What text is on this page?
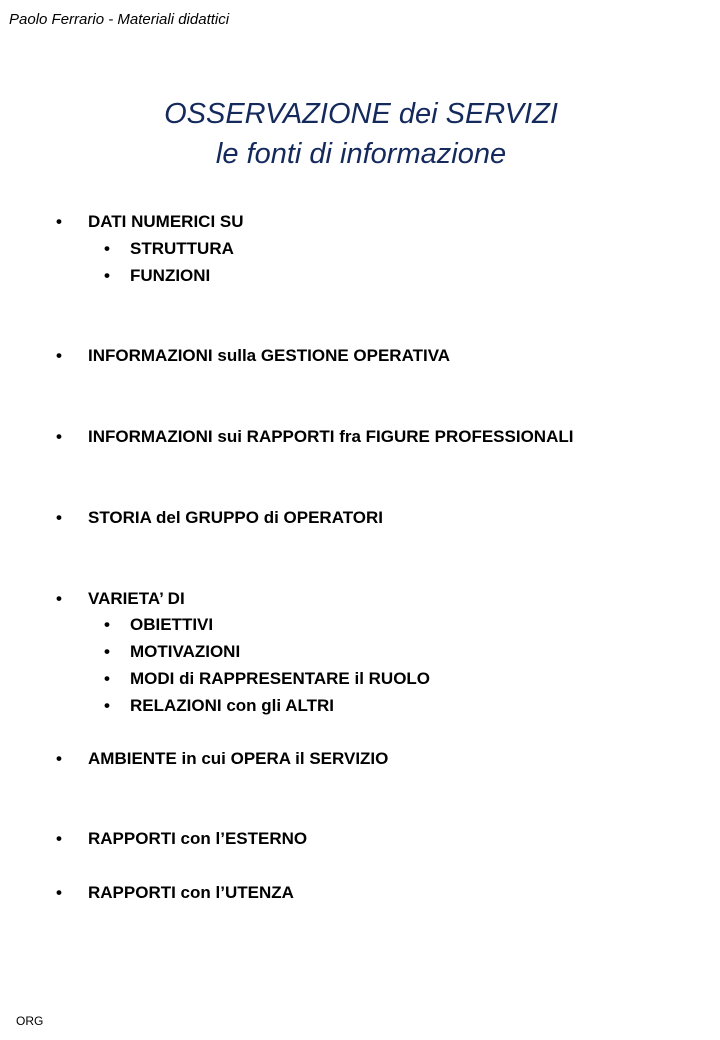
Paolo Ferrario - Materiali didattici
OSSERVAZIONE dei SERVIZI
le fonti di informazione
• DATI NUMERICI SU
• STRUTTURA
• FUNZIONI
• INFORMAZIONI sulla GESTIONE OPERATIVA
• INFORMAZIONI sui RAPPORTI fra FIGURE PROFESSIONALI
• STORIA del GRUPPO di OPERATORI
• VARIETA’ DI
• OBIETTIVI
• MOTIVAZIONI
• MODI di RAPPRESENTARE il RUOLO
• RELAZIONI con gli ALTRI
• AMBIENTE in cui OPERA il SERVIZIO
• RAPPORTI con l’ESTERNO
• RAPPORTI con l’UTENZA
ORG
